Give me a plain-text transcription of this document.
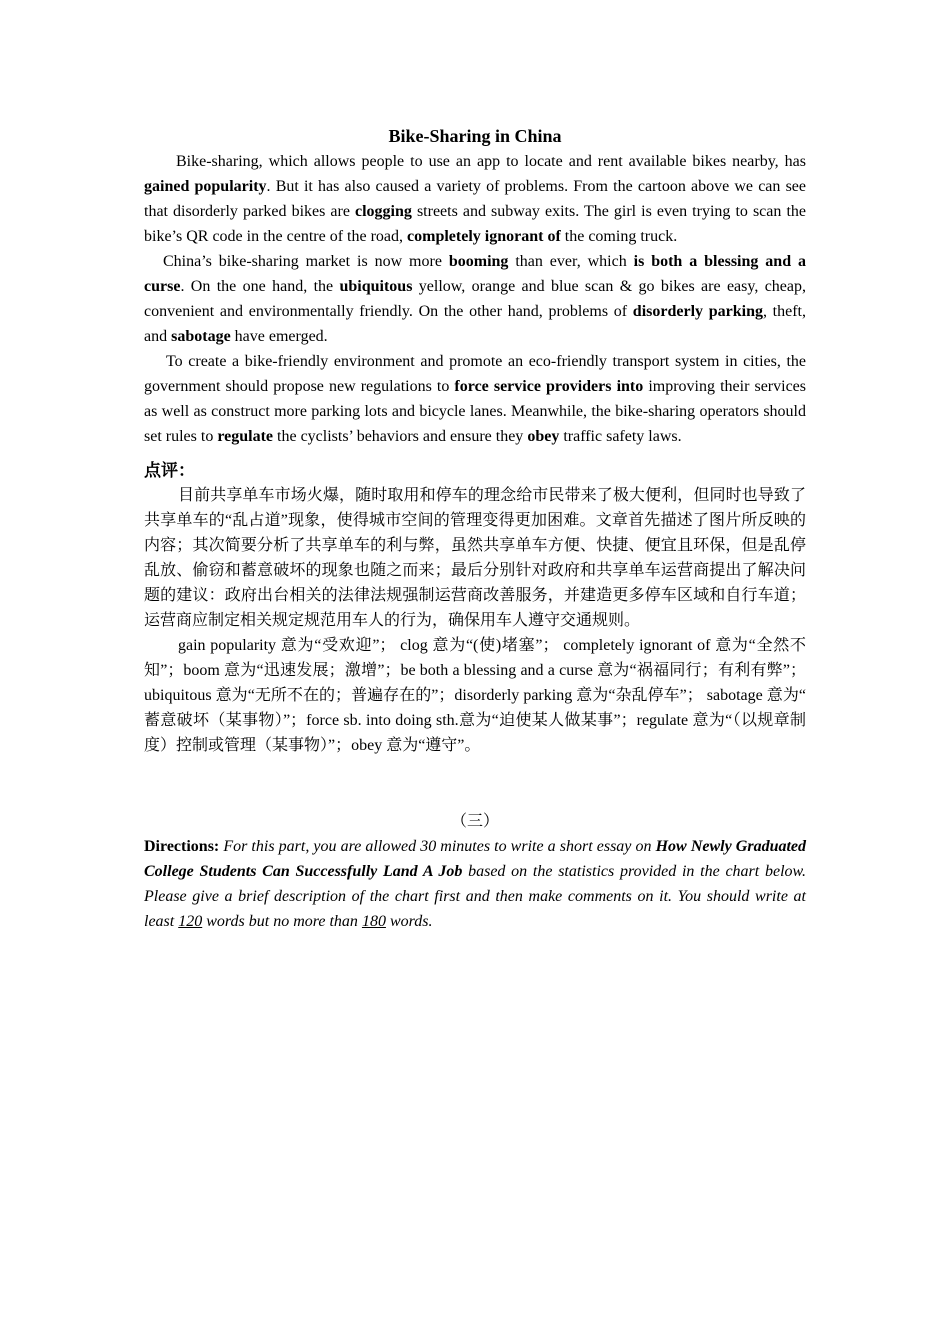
Bike-Sharing in China

Bike-sharing, which allows people to use an app to locate and rent available bikes nearby, has gained popularity. But it has also caused a variety of problems. From the cartoon above we can see that disorderly parked bikes are clogging streets and subway exits. The girl is even trying to scan the bike’s QR code in the centre of the road, completely ignorant of the coming truck.

China’s bike-sharing market is now more booming than ever, which is both a blessing and a curse. On the one hand, the ubiquitous yellow, orange and blue scan & go bikes are easy, cheap, convenient and environmentally friendly. On the other hand, problems of disorderly parking, theft, and sabotage have emerged.

To create a bike-friendly environment and promote an eco-friendly transport system in cities, the government should propose new regulations to force service providers into improving their services as well as construct more parking lots and bicycle lanes. Meanwhile, the bike-sharing operators should set rules to regulate the cyclists’ behaviors and ensure they obey traffic safety laws.

点评：

目前共享单车市场火爆，随时取用和停车的理念给市民带来了极大便利，但同时也导致了共享单车的“乱占道”现象，使得城市空间的管理变得更加困难。文章首先描述了图片所反映的内容；其次简要分析了共享单车的利与弊，虽然共享单车方便、快捷、便宜且环保，但是乱停乱放、偷窃和蓄意破坏的现象也随之而来；最后分别针对政府和共享单车运营商提出了解决问题的建议：政府出台相关的法律法规强制运营商改善服务，并建造更多停车区域和自行车道；运营商应制定相关规定规范用车人的行为，确保用车人遵守交通规则。

gain popularity 意为“受欢迎”； clog 意为“(使)堵塞”； completely ignorant of 意为“全然不知”；boom 意为“迅速发展；激增”；be both a blessing and a curse 意为“祸福同行；有利有弊”；ubiquitous 意为“无所不在的；普遍存在的”；disorderly parking 意为“杂乱停车”； sabotage 意为“ 蓄意破坏（某事物）”；force sb. into doing sth.意为“迫使某人做某事”；regulate 意为“（以规章制度）控制或管理（某事物）”；obey 意为“遵守”。

（三）

Directions: For this part, you are allowed 30 minutes to write a short essay on How Newly Graduated College Students Can Successfully Land A Job based on the statistics provided in the chart below. Please give a brief description of the chart first and then make comments on it. You should write at least 120 words but no more than 180 words.
